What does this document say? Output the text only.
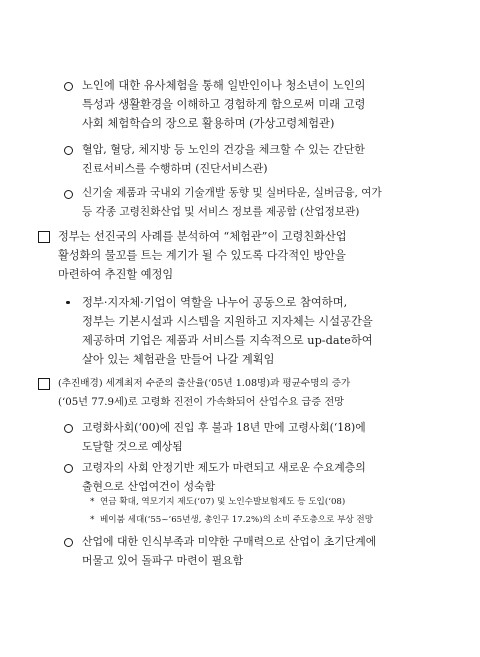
노인에 대한 유사체험을 통해 일반인이나 청소년이 노인의
특성과 생활환경을 이해하고 경험하게 함으로써 미래 고령
사회 체험학습의 장으로 활용하며 (가상고령체험관)
혈압, 혈당, 체지방 등 노인의 건강을 체크할 수 있는 간단한
진료서비스를 수행하며 (진단서비스관)
신기술 제품과 국내외 기술개발 동향 및 실버타운, 실버금융, 여가
등 각종 고령친화산업 및 서비스 정보를 제공함 (산업정보관)
정부는 선진국의 사례를 분석하여 “체험관”이 고령친화산업
활성화의 물꼬를 트는 계기가 될 수 있도록 다각적인 방안을
마련하여 추진할 예정임
정부·지자체·기업이 역할을 나누어 공동으로 참여하며,
정부는 기본시설과 시스템을 지원하고 지자체는 시설공간을
제공하며 기업은 제품과 서비스를 지속적으로 up-date하여
살아 있는 체험관을 만들어 나갈 계획임
(추진배경) 세계최저 수준의 출산율(‘05년 1.08명)과 평균수명의 증가
(‘05년 77.9세)로 고령화 진전이 가속화되어 산업수요 급증 전망
고령화사회(‘00)에 진입 후 불과 18년 만에 고령사회(‘18)에
도달할 것으로 예상됨
고령자의 사회 안정기반 제도가 마련되고 새로운 수요계층의
출현으로 산업여건이 성숙함
* 연금 확대, 역모기지 제도(‘07) 및 노인수발보험제도 등 도입(‘08)
* 베이붐 세대(‘55~’65년생, 총인구 17.2%)의 소비 주도층으로 부상 전망
산업에 대한 인식부족과 미약한 구매력으로 산업이 초기단계에
머물고 있어 돌파구 마련이 필요함
